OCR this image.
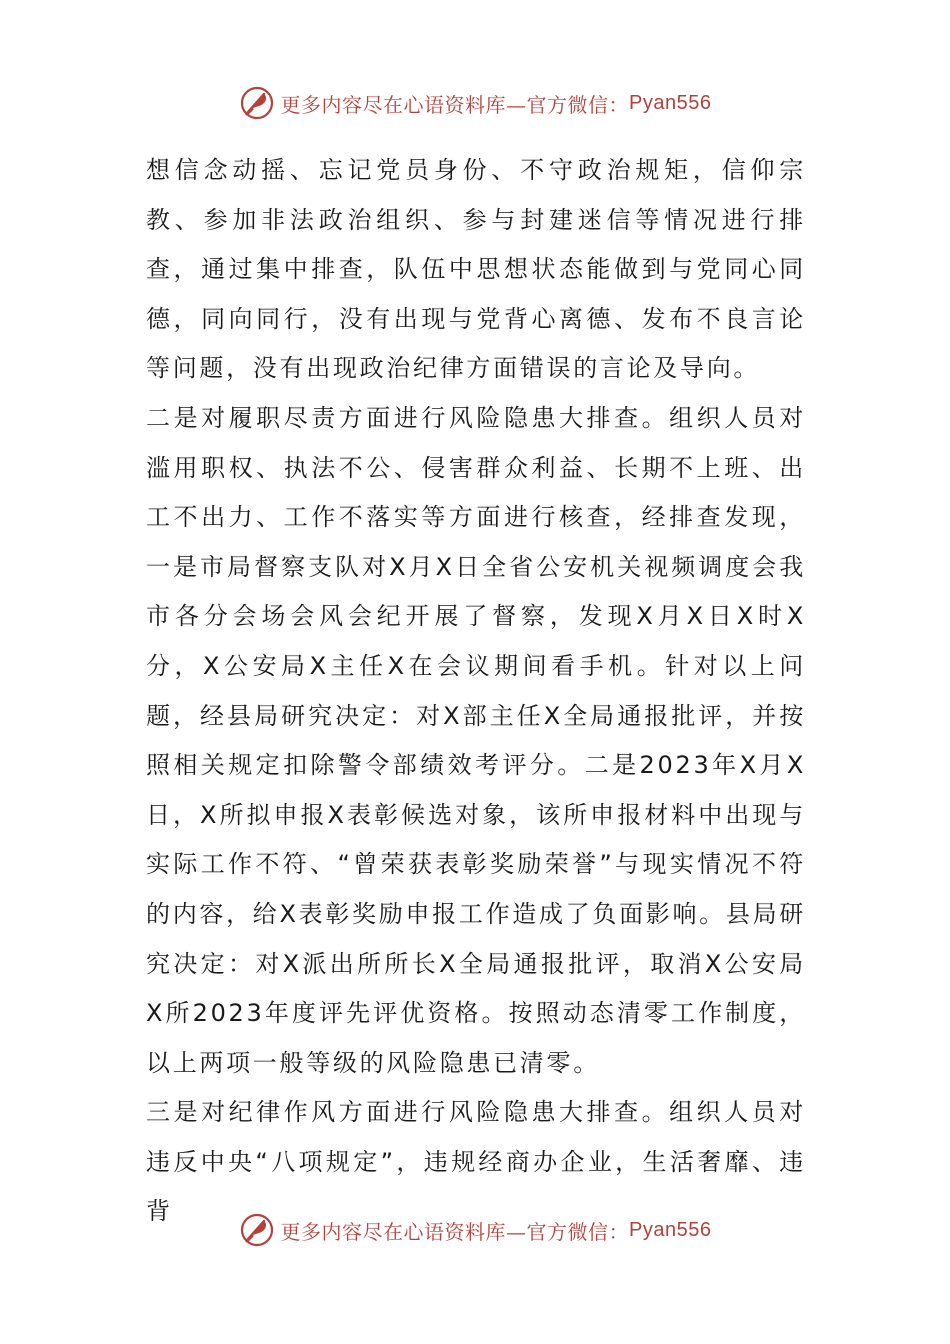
更多内容尽在心语资料库—官方微信： Pyan556

想信念动摇、忘记党员身份、不守政治规矩，信仰宗教、参加非法政治组织、参与封建迷信等情况进行排查，通过集中排查，队伍中思想状态能做到与党同心同德，同向同行，没有出现与党背心离德、发布不良言论等问题，没有出现政治纪律方面错误的言论及导向。

二是对履职尽责方面进行风险隐患大排查。组织人员对滥用职权、执法不公、侵害群众利益、长期不上班、出工不出力、工作不落实等方面进行核查，经排查发现，一是市局督察支队对X月X日全省公安机关视频调度会我市各分会场会风会纪开展了督察，发现X月X日X时X分，X公安局X主任X在会议期间看手机。针对以上问题，经县局研究决定：对X部主任X全局通报批评，并按照相关规定扣除警令部绩效考评分。二是2023年X月X日，X所拟申报X表彰候选对象，该所申报材料中出现与实际工作不符、“曾荣获表彰奖励荣誉”与现实情况不符的内容，给X表彰奖励申报工作造成了负面影响。县局研究决定：对X派出所所长X全局通报批评，取消X公安局X所2023年度评先评优资格。按照动态清零工作制度，以上两项一般等级的风险隐患已清零。

三是对纪律作风方面进行风险隐患大排查。组织人员对违反中央“八项规定”，违规经商办企业，生活奢靡、违背

更多内容尽在心语资料库—官方微信： Pyan556
